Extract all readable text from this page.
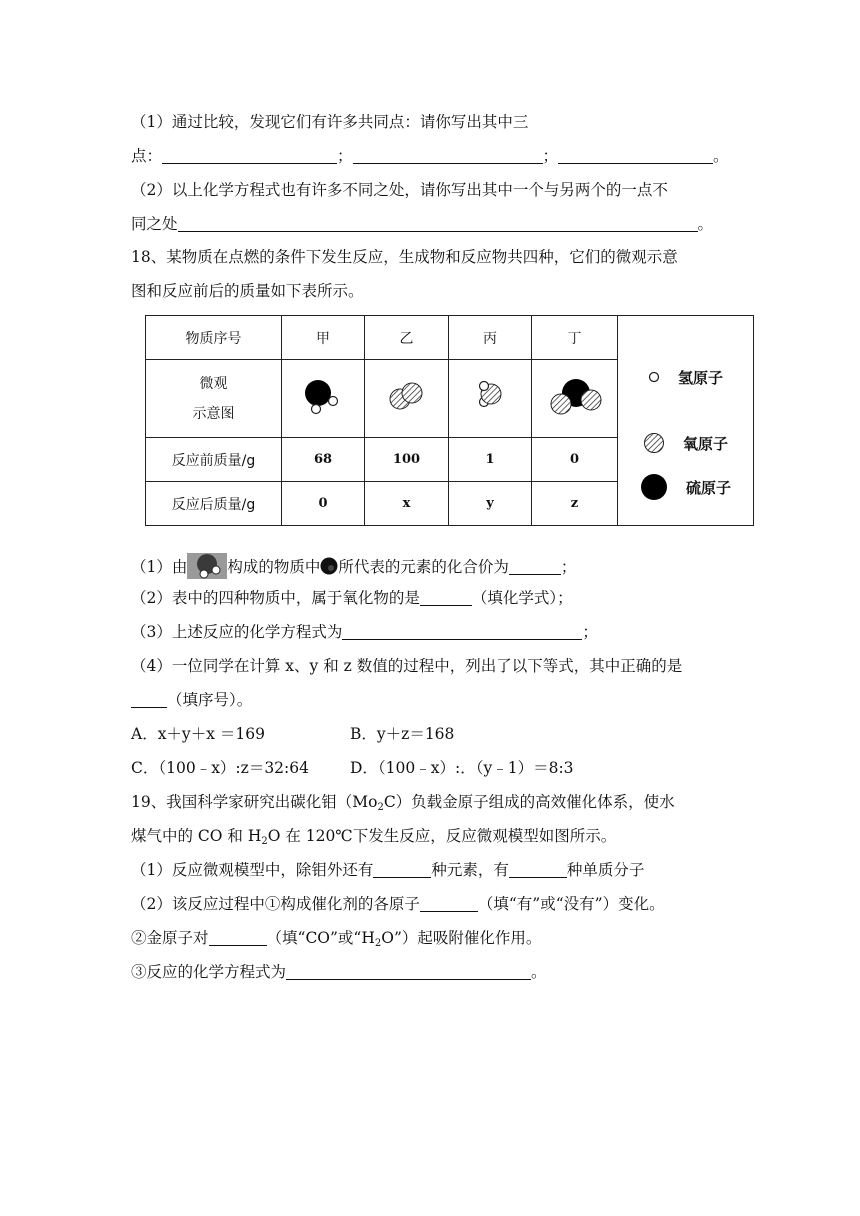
（1）通过比较，发现它们有许多共同点：请你写出其中三
点：	；	；	。
（2）以上化学方程式也有许多不同之处，请你写出其中一个与另两个的一点不
同之处	。
18、某物质在点燃的条件下发生反应，生成物和反应物共四种，它们的微观示意
图和反应前后的质量如下表所示。
物质序号	甲	乙	丙	丁	氢原子
氧原子
硫原子

微观
示意图

反应前质量/g	68	100	1	0	
反应后质量/g	0	x	y	z	
（1）由	构成的物质中 所代表的元素的化合价为	；
（2）表中的四种物质中，属于氧化物的是	（填化学式）；
（3）上述反应的化学方程式为	；
（4）一位同学在计算 x、y 和 z 数值的过程中，列出了以下等式，其中正确的是
（填序号）。
A．x＋y＋x ＝169	B．y＋z＝168
C．（100﹣x）:z＝32:64	D．（100﹣x）:．（y﹣1）＝8:3
19、我国科学家研究出碳化钼$(Mo_2C)$负载金原子组成的高效催化体系，使水
煤气中的 CO 和 $H_2O$ 在 120℃下发生反应，反应微观模型如图所示。
（1）反应微观模型中，除钼外还有	种元素，有	种单质分子
（2）该反应过程中①构成催化剂的各原子	（填“有”或“没有”）变化。
②金原子对	（填“CO”或“$H_2O$”）起吸附催化作用。
③反应的化学方程式为	。
